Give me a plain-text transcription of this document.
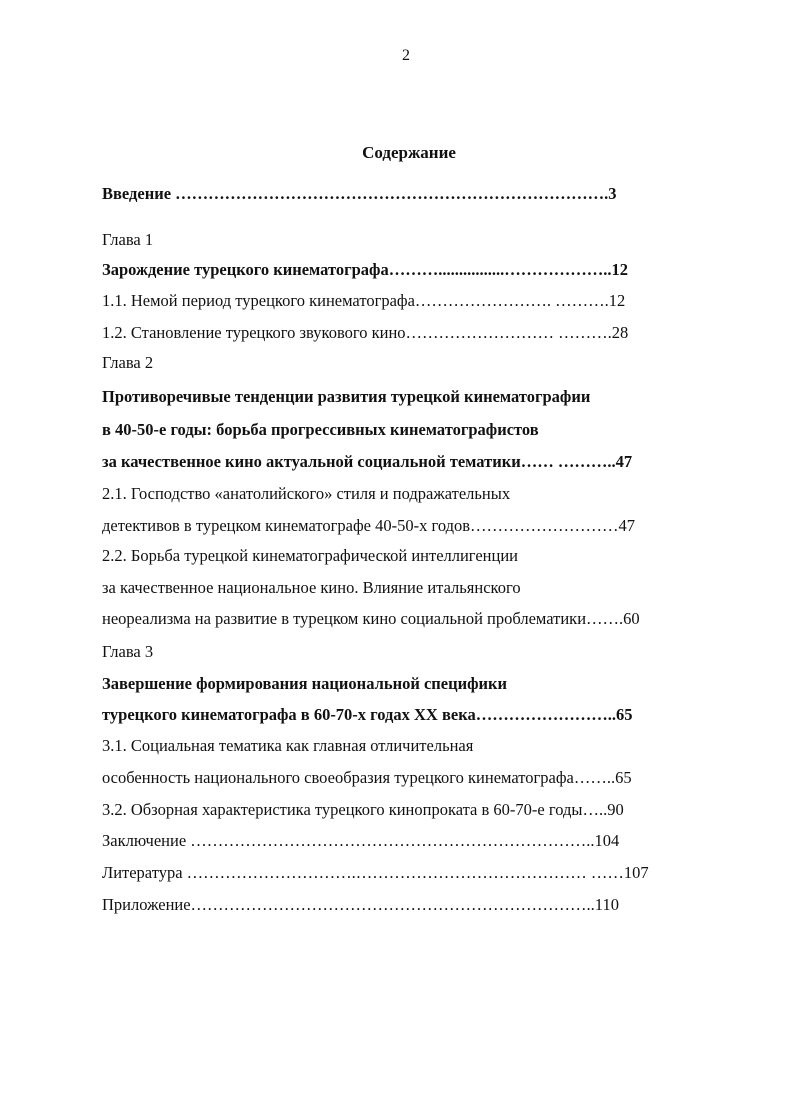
2
Содержание
Введение …………………………………………………………………….3
Глава 1
Зарождение турецкого кинематографа………................………………..12
1.1. Немой период турецкого кинематографа……………………. ……….12
1.2. Становление турецкого звукового кино……………………… ……….28
Глава 2
Противоречивые тенденции развития турецкой кинематографии
в 40-50-е годы: борьба прогрессивных кинематографистов
за качественное кино актуальной социальной тематики…… ………..47
2.1. Господство «анатолийского» стиля и подражательных
детективов в турецком кинематографе 40-50-х годов………………………47
2.2. Борьба турецкой кинематографической интеллигенции
за качественное национальное кино. Влияние итальянского
неореализма на развитие в турецком кино социальной проблематики…….60
Глава 3
Завершение формирования национальной специфики
турецкого кинематографа в 60-70-х годах XX века……………………..65
3.1. Социальная тематика как главная отличительная
особенность национального своеобразия турецкого кинематографа……..65
3.2. Обзорная характеристика турецкого кинопроката в 60-70-е годы…..90
Заключение ………………………………………………………………..104
Литература ………………………….…………………………………… ……107
Приложение………………………………………………………………..110
